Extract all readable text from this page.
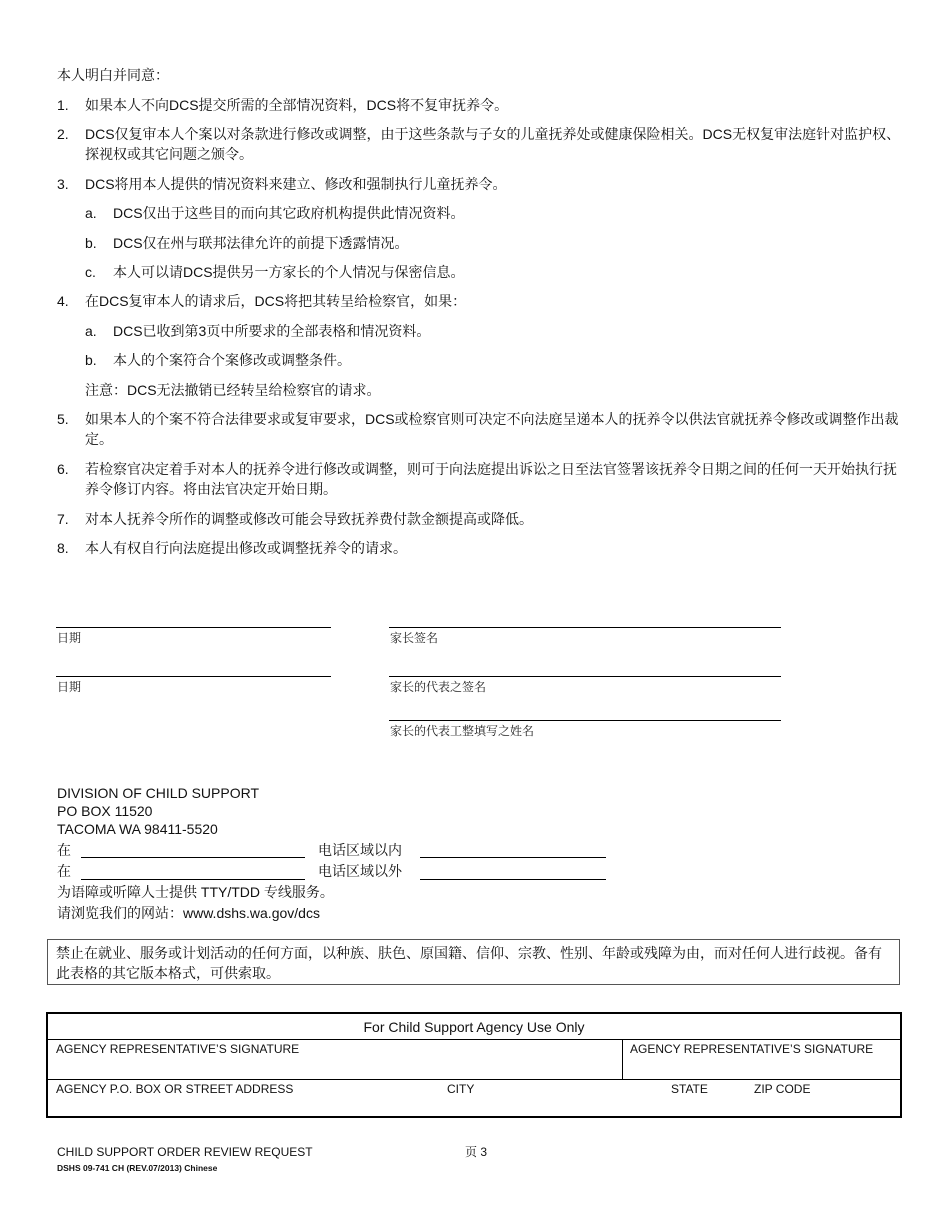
本人明白并同意：
1.	如果本人不向DCS提交所需的全部情况资料，DCS将不复审抚养令。
2.	DCS仅复审本人个案以对条款进行修改或调整，由于这些条款与子女的儿童抚养处或健康保险相关。DCS无权复审法庭针对监护权、探视权或其它问题之颁令。
3.	DCS将用本人提供的情况资料来建立、修改和强制执行儿童抚养令。
a.	DCS仅出于这些目的而向其它政府机构提供此情况资料。
b.	DCS仅在州与联邦法律允许的前提下透露情况。
c.	本人可以请DCS提供另一方家长的个人情况与保密信息。
4.	在DCS复审本人的请求后，DCS将把其转呈给检察官，如果：
a.	DCS已收到第3页中所要求的全部表格和情况资料。
b.	本人的个案符合个案修改或调整条件。
注意：DCS无法撤销已经转呈给检察官的请求。
5.	如果本人的个案不符合法律要求或复审要求，DCS或检察官则可决定不向法庭呈递本人的抚养令以供法官就抚养令修改或调整作出裁定。
6.	若检察官决定着手对本人的抚养令进行修改或调整，则可于向法庭提出诉讼之日至法官签署该抚养令日期之间的任何一天开始执行抚养令修订内容。将由法官决定开始日期。
7.	对本人抚养令所作的调整或修改可能会导致抚养费付款金额提高或降低。
8.	本人有权自行向法庭提出修改或调整抚养令的请求。
日期	家长签名
日期	家长的代表之签名
家长的代表工整填写之姓名
DIVISION OF CHILD SUPPORT
PO BOX 11520
TACOMA WA 98411-5520
在	电话区域以内
在	电话区域以外
为语障或听障人士提供 TTY/TDD 专线服务。
请浏览我们的网站：www.dshs.wa.gov/dcs
禁止在就业、服务或计划活动的任何方面，以种族、肤色、原国籍、信仰、宗教、性别、年龄或残障为由，而对任何人进行歧视。备有此表格的其它版本格式，可供索取。
For Child Support Agency Use Only
AGENCY REPRESENTATIVE’S SIGNATURE	AGENCY REPRESENTATIVE’S SIGNATURE
AGENCY P.O. BOX OR STREET ADDRESS	CITY	STATE	ZIP CODE
CHILD SUPPORT ORDER REVIEW REQUEST	页 3
DSHS 09-741 CH (REV.07/2013) Chinese
